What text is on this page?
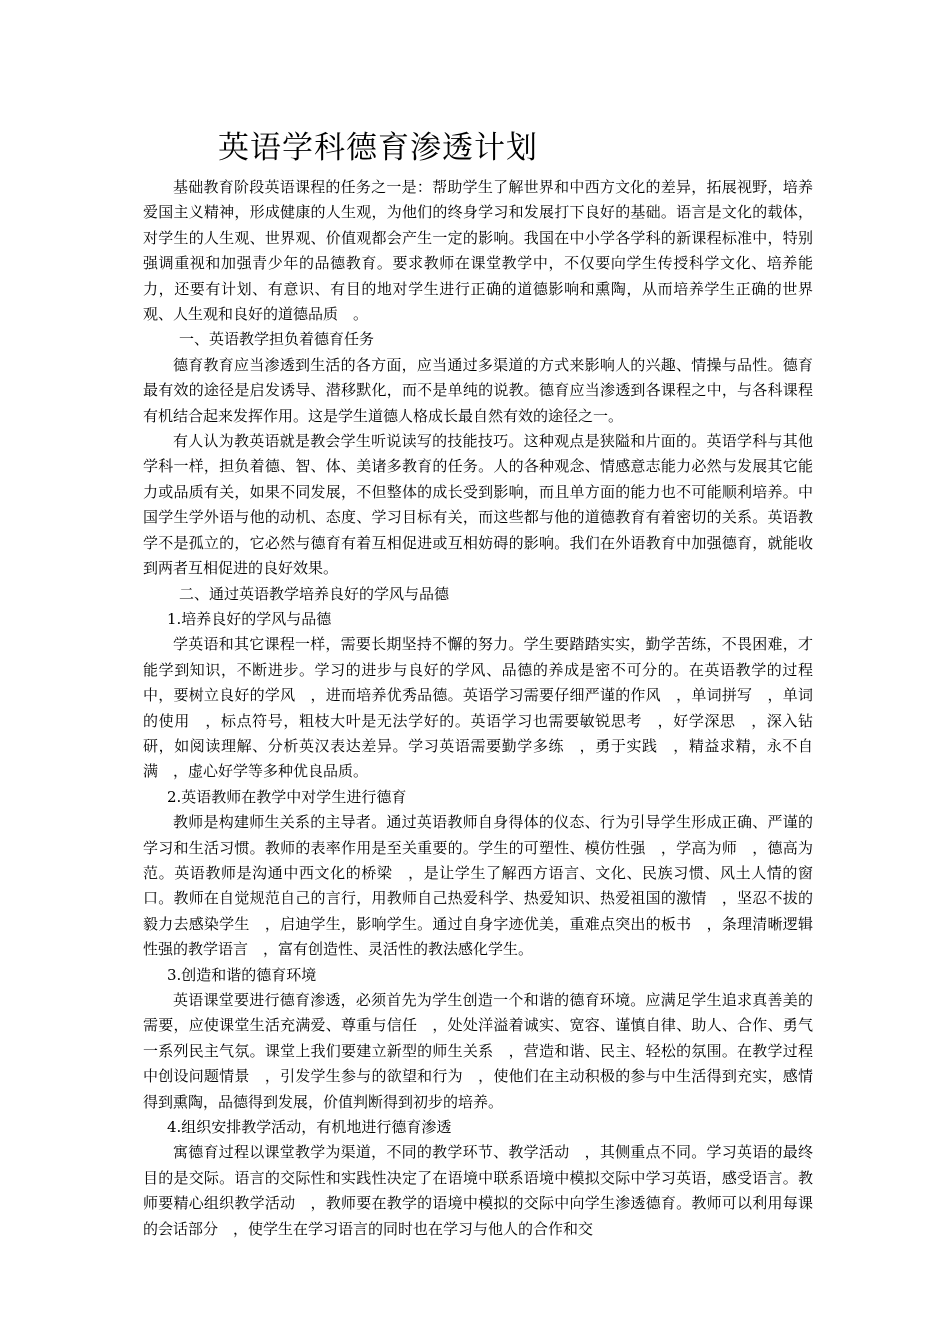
英语学科德育渗透计划

基础教育阶段英语课程的任务之一是：帮助学生了解世界和中西方文化的差异，拓展视野，培养爱国主义精神，形成健康的人生观，为他们的终身学习和发展打下良好的基础。语言是文化的载体，对学生的人生观、世界观、价值观都会产生一定的影响。我国在中小学各学科的新课程标准中，特别强调重视和加强青少年的品德教育。要求教师在课堂教学中，不仅要向学生传授科学文化、培养能力，还要有计划、有意识、有目的地对学生进行正确的道德影响和熏陶，从而培养学生正确的世界观、人生观和良好的道德品质　。

一、英语教学担负着德育任务

德育教育应当渗透到生活的各方面，应当通过多渠道的方式来影响人的兴趣、情操与品性。德育最有效的途径是启发诱导、潜移默化，而不是单纯的说教。德育应当渗透到各课程之中，与各科课程有机结合起来发挥作用。这是学生道德人格成长最自然有效的途径之一。

有人认为教英语就是教会学生听说读写的技能技巧。这种观点是狭隘和片面的。英语学科与其他学科一样，担负着德、智、体、美诸多教育的任务。人的各种观念、情感意志能力必然与发展其它能力或品质有关，如果不同发展，不但整体的成长受到影响，而且单方面的能力也不可能顺利培养。中国学生学外语与他的动机、态度、学习目标有关，而这些都与他的道德教育有着密切的关系。英语教学不是孤立的，它必然与德育有着互相促进或互相妨碍的影响。我们在外语教育中加强德育，就能收到两者互相促进的良好效果。

二、通过英语教学培养良好的学风与品德

1.培养良好的学风与品德

学英语和其它课程一样，需要长期坚持不懈的努力。学生要踏踏实实，勤学苦练，不畏困难，才能学到知识，不断进步。学习的进步与良好的学风、品德的养成是密不可分的。在英语教学的过程中，要树立良好的学风　，进而培养优秀品德。英语学习需要仔细严谨的作风　，单词拼写　，单词的使用　，标点符号，粗枝大叶是无法学好的。英语学习也需要敏锐思考　，好学深思　，深入钻研，如阅读理解、分析英汉表达差异。学习英语需要勤学多练　，勇于实践　，精益求精，永不自满　，虚心好学等多种优良品质。

2.英语教师在教学中对学生进行德育

教师是构建师生关系的主导者。通过英语教师自身得体的仪态、行为引导学生形成正确、严谨的学习和生活习惯。教师的表率作用是至关重要的。学生的可塑性、模仿性强　，学高为师　，德高为范。英语教师是沟通中西文化的桥梁　，是让学生了解西方语言、文化、民族习惯、风土人情的窗口。教师在自觉规范自己的言行，用教师自己热爱科学、热爱知识、热爱祖国的激情　，坚忍不拔的毅力去感染学生　，启迪学生，影响学生。通过自身字迹优美，重难点突出的板书　，条理清晰逻辑性强的教学语言　，富有创造性、灵活性的教法感化学生。

3.创造和谐的德育环境

英语课堂要进行德育渗透，必须首先为学生创造一个和谐的德育环境。应满足学生追求真善美的需要，应使课堂生活充满爱、尊重与信任　，处处洋溢着诚实、宽容、谨慎自律、助人、合作、勇气一系列民主气氛。课堂上我们要建立新型的师生关系　，营造和谐、民主、轻松的氛围。在教学过程中创设问题情景　，引发学生参与的欲望和行为　，使他们在主动积极的参与中生活得到充实，感情得到熏陶，品德得到发展，价值判断得到初步的培养。

4.组织安排教学活动，有机地进行德育渗透

寓德育过程以课堂教学为渠道，不同的教学环节、教学活动　，其侧重点不同。学习英语的最终目的是交际。语言的交际性和实践性决定了在语境中联系语境中模拟交际中学习英语，感受语言。教师要精心组织教学活动　，教师要在教学的语境中模拟的交际中向学生渗透德育。教师可以利用每课的会话部分　，使学生在学习语言的同时也在学习与他人的合作和交
